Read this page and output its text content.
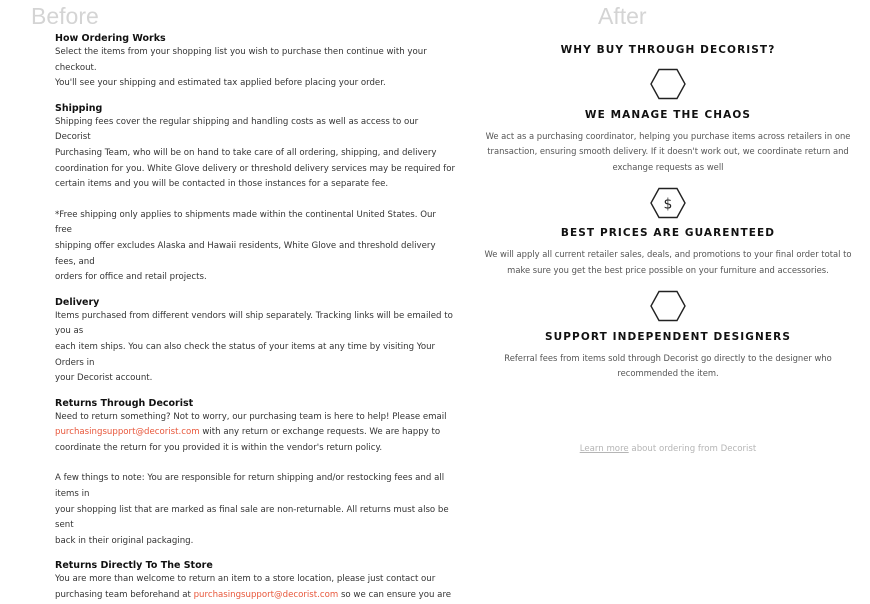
Before	After
How Ordering Works

Select the items from your shopping list you wish to purchase then continue with your checkout.
You'll see your shipping and estimated tax applied before placing your order.

Shipping

Shipping fees cover the regular shipping and handling costs as well as access to our Decorist
Purchasing Team, who will be on hand to take care of all ordering, shipping, and delivery
coordination for you. White Glove delivery or threshold delivery services may be required for
certain items and you will be contacted in those instances for a separate fee.

*Free shipping only applies to shipments made within the continental United States. Our free
shipping offer excludes Alaska and Hawaii residents, White Glove and threshold delivery fees, and
orders for office and retail projects.

Delivery

Items purchased from different vendors will ship separately. Tracking links will be emailed to you as
each item ships. You can also check the status of your items at any time by visiting Your Orders in
your Decorist account.

Returns Through Decorist

Need to return something? Not to worry, our purchasing team is here to help! Please email
purchasingsupport@decorist.com with any return or exchange requests. We are happy to
coordinate the return for you provided it is within the vendor's return policy.

A few things to note: You are responsible for return shipping and/or restocking fees and all items in
your shopping list that are marked as final sale are non-returnable. All returns must also be sent
back in their original packaging.

Returns Directly To The Store

You are more than welcome to return an item to a store location, please just contact our
purchasing team beforehand at purchasingsupport@decorist.com so we can ensure you are

WHY BUY THROUGH DECORIST?
WE MANAGE THE CHAOS

We act as a purchasing coordinator, helping you purchase items across retailers in one
transaction, ensuring smooth delivery. If it doesn't work out, we coordinate return and
exchange requests as well

$
BEST PRICES ARE GUARENTEED

We will apply all current retailer sales, deals, and promotions to your final order total to
make sure you get the best price possible on your furniture and accessories.

SUPPORT INDEPENDENT DESIGNERS

Referral fees from items sold through Decorist go directly to the designer who
recommended the item.

Learn more about ordering from Decorist
